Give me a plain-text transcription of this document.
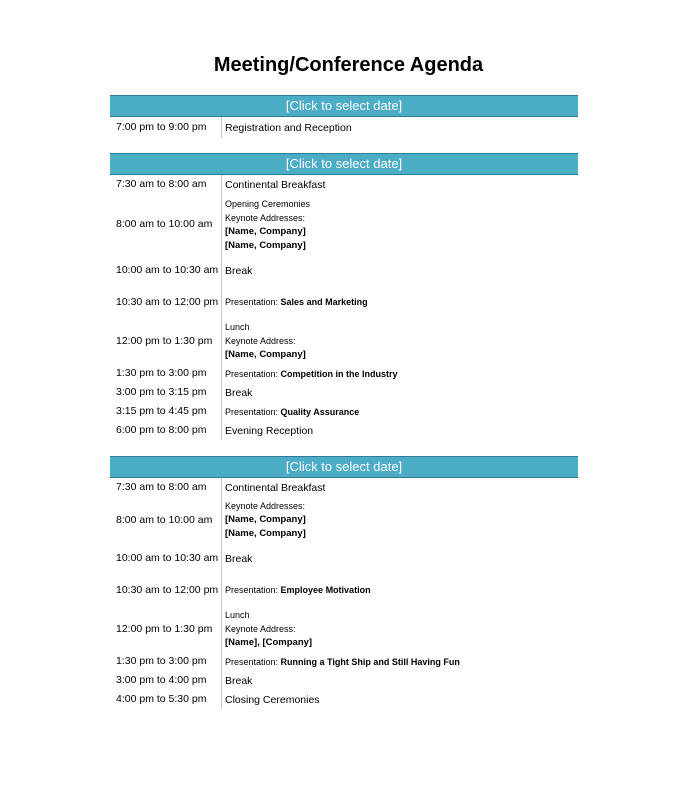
Meeting/Conference Agenda
[Click to select date]
7:00 pm to 9:00 pm	Registration and Reception
[Click to select date]
7:30 am to 8:00 am	Continental Breakfast
8:00 am to 10:00 am
Opening Ceremonies
Keynote Addresses:
[Name, Company]
[Name, Company]
10:00 am to 10:30 am Break
10:30 am to 12:00 pm Presentation: Sales and Marketing
12:00 pm to 1:30 pm
Lunch
Keynote Address:
[Name, Company]
1:30 pm to 3:00 pm	Presentation: Competition in the Industry
3:00 pm to 3:15 pm	Break
3:15 pm to 4:45 pm	Presentation: Quality Assurance
6:00 pm to 8:00 pm	Evening Reception
[Click to select date]
7:30 am to 8:00 am	Continental Breakfast
8:00 am to 10:00 am
Keynote Addresses:
[Name, Company]
[Name, Company]
10:00 am to 10:30 am Break
10:30 am to 12:00 pm Presentation: Employee Motivation
12:00 pm to 1:30 pm
Lunch
Keynote Address:
[Name], [Company]
1:30 pm to 3:00 pm	Presentation: Running a Tight Ship and Still Having Fun
3:00 pm to 4:00 pm	Break
4:00 pm to 5:30 pm	Closing Ceremonies
